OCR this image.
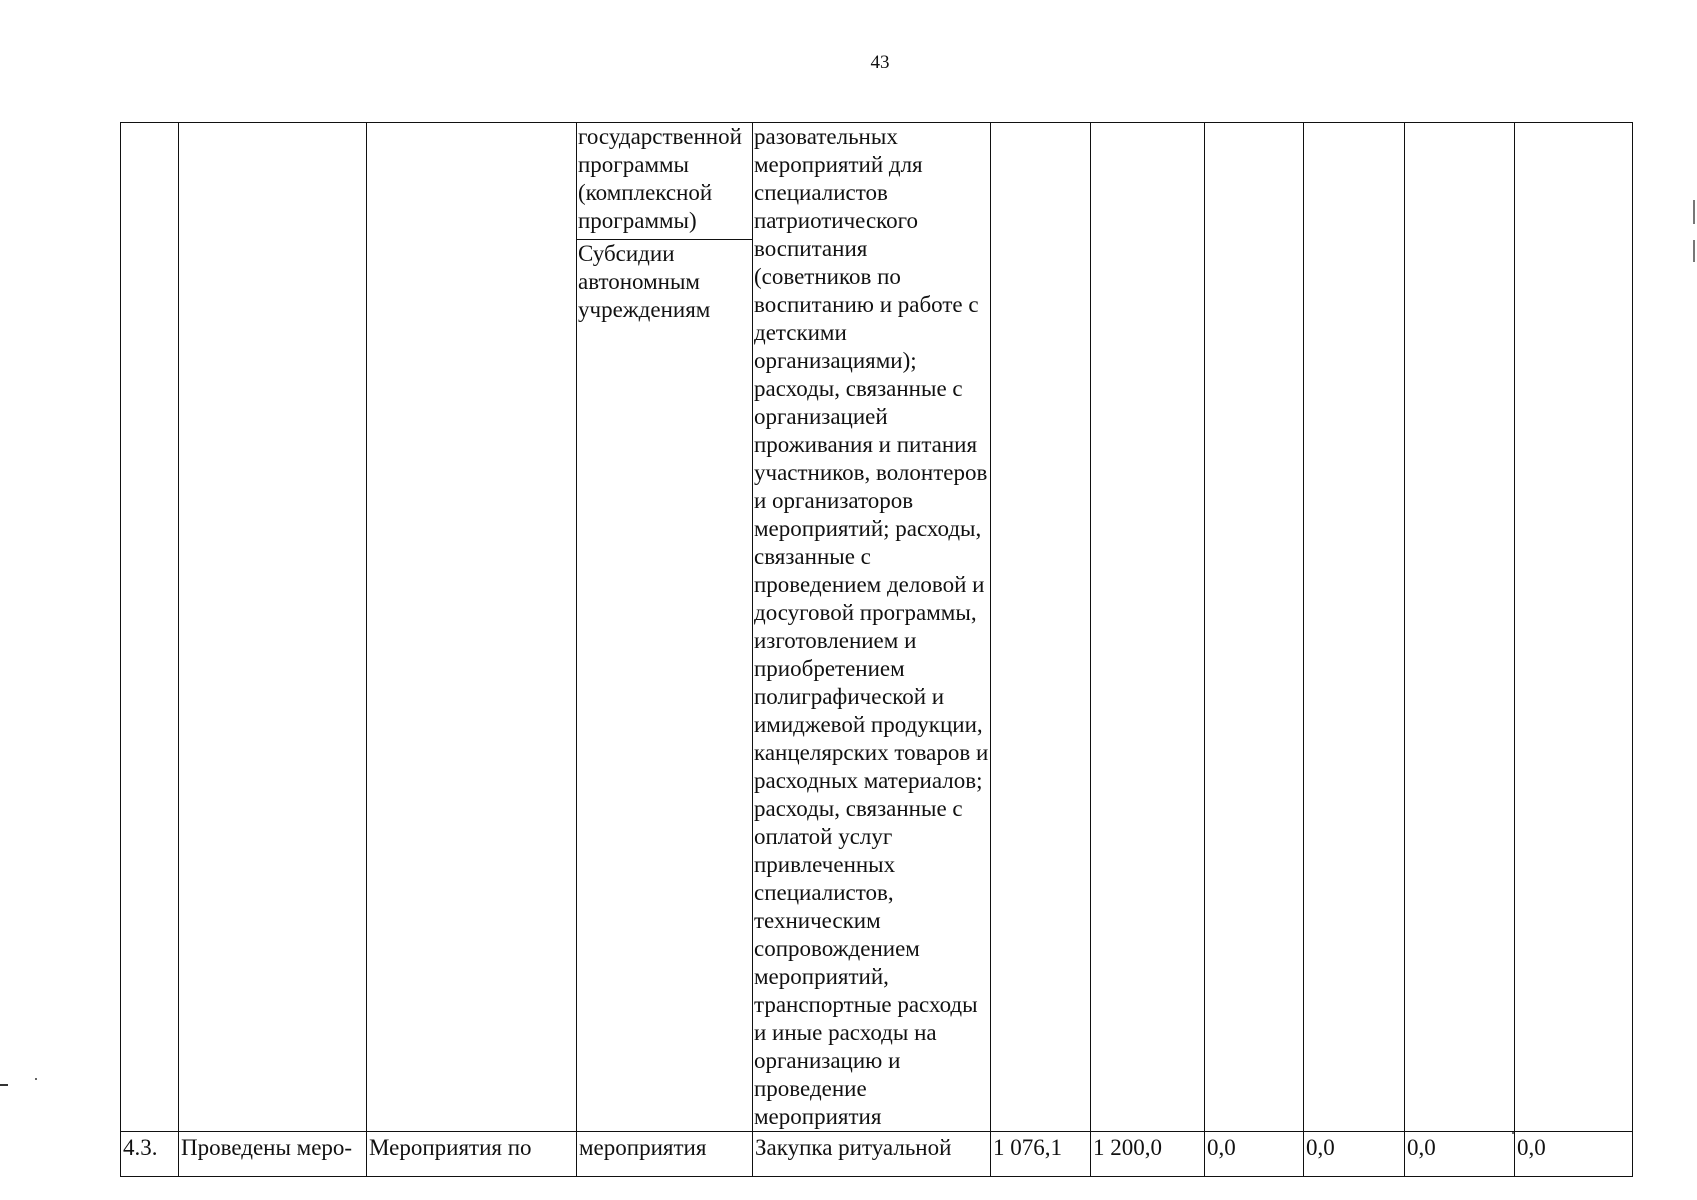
43
			государственной программы (комплексной программы)	разовательных мероприятий для специалистов патриотического воспитания (советников по воспитанию и работе с детскими организациями); расходы, связанные с организацией проживания и питания участников, волонтеров и организаторов мероприятий; расходы, связанные с проведением деловой и досуговой программы, изготовлением и приобретением полиграфической и имиджевой продукции, канцелярских товаров и расходных материалов; расходы, связанные с оплатой услуг привлеченных специалистов, техническим сопровождением мероприятий, транспортные расходы и иные расходы на организацию и проведение мероприятия						
			Субсидии автономным учреждениям							
4.3.	Проведены меро-	Мероприятия по	мероприятия	Закупка ритуальной	1 076,1	1 200,0	0,0	0,0	0,0	0,0
